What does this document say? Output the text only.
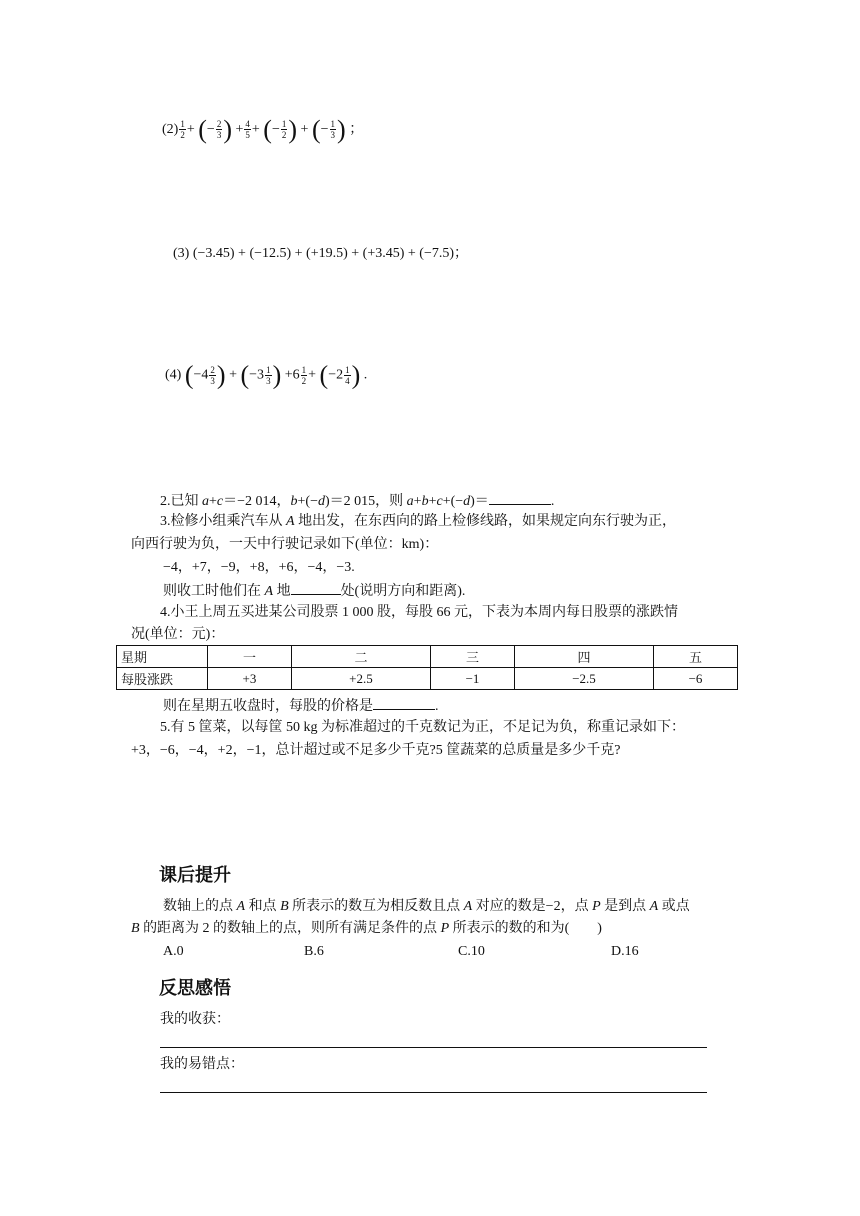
$(2) \frac{1}{2}$ + (− $\frac{2}{3}$ ) + $\frac{4}{5}$ + (− $\frac{1}{2}$ ) + (− $\frac{1}{3}$ ) ；
(3) (−3.45) + (−12.5) + (+19.5) + (+3.45) + (−7.5)；
(4) ($-4 \frac{2}{3}$ ) + ($-3 \frac{1}{3}$ ) $+6 \frac{1}{2} + (-2 \frac{1}{4}$ ) .
2.已知 a+c＝−2 014，b+(−d)＝2 015，则 a+b+c+(−d)＝	.
3.检修小组乘汽车从 A 地出发，在东西向的路上检修线路，如果规定向东行驶为正，
向西行驶为负，一天中行驶记录如下(单位：km)：
−4，+7，−9，+8，+6，−4，−3.
则收工时他们在 A 地	处(说明方向和距离).
4.小王上周五买进某公司股票 1 000 股，每股 66 元，下表为本周内每日股票的涨跌情
况(单位：元)：
星期	一	二	三	四	五
每股涨跌	+3	+2.5	−1	−2.5	−6
则在星期五收盘时，每股的价格是	.
5.有 5 筐菜，以每筐 50 kg 为标准超过的千克数记为正，不足记为负，称重记录如下：
+3，−6，−4，+2，−1，总计超过或不足多少千克?5 筐蔬菜的总质量是多少千克?
课后提升
数轴上的点 A 和点 B 所表示的数互为相反数且点 A 对应的数是−2，点 P 是到点 A 或点
B 的距离为 2 的数轴上的点，则所有满足条件的点 P 所表示的数的和为(　　)
A.0	B.6	C.10	D.16
反思感悟
我的收获：
我的易错点：
